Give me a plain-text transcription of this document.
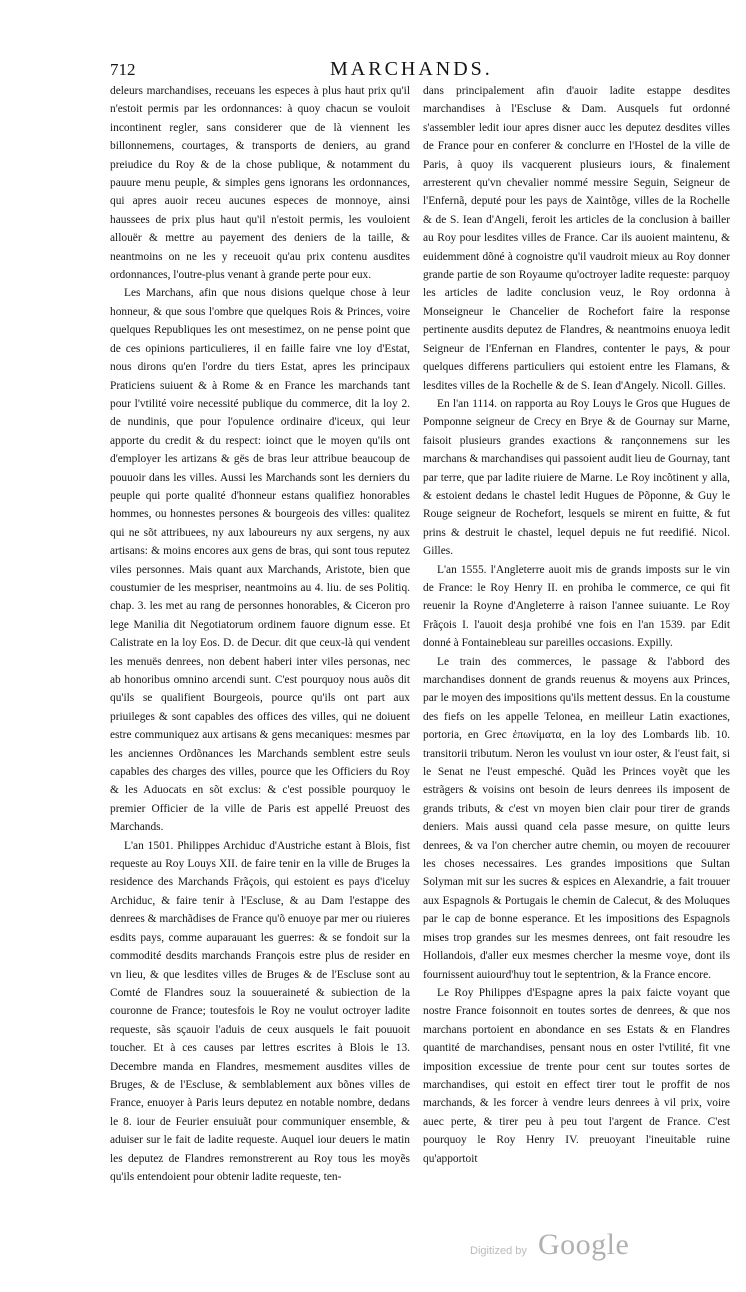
712	MARCHANDS.

deleurs marchandises, receuans les especes à plus haut prix qu'il n'estoit permis par les ordonnances: à quoy chacun se vouloit incontinent regler, sans considerer que de là viennent les billonnemens, courtages, & transports de deniers, au grand preiudice du Roy & de la chose publique, & notamment du pauure menu peuple, & simples gens ignorans les ordonnances, qui apres auoir receu aucunes especes de monnoye, ainsi haussees de prix plus haut qu'il n'estoit permis, les vouloient allouër & mettre au payement des deniers de la taille, & neantmoins on ne les y receuoit qu'au prix contenu ausdites ordonnances, l'outre-plus venant à grande perte pour eux.

Les Marchans, afin que nous disions quelque chose à leur honneur, & que sous l'ombre que quelques Rois & Princes, voire quelques Republiques les ont mesestimez, on ne pense point que de ces opinions particulieres, il en faille faire vne loy d'Estat, nous dirons qu'en l'ordre du tiers Estat, apres les principaux Praticiens suiuent & à Rome & en France les marchands tant pour l'vtilité voire necessité publique du commerce, dit la loy 2. de nundinis, que pour l'opulence ordinaire d'iceux, qui leur apporte du credit & du respect: ioinct que le moyen qu'ils ont d'employer les artizans & gës de bras leur attribue beaucoup de pouuoir dans les villes. Aussi les Marchands sont les derniers du peuple qui porte qualité d'honneur estans qualifiez honorables hommes, ou honnestes persones & bourgeois des villes: qualitez qui ne sõt attribuees, ny aux laboureurs ny aux sergens, ny aux artisans: & moins encores aux gens de bras, qui sont tous reputez viles personnes. Mais quant aux Marchands, Aristote, bien que coustumier de les mespriser, neantmoins au 4. liu. de ses Politiq. chap. 3. les met au rang de personnes honorables, & Ciceron pro lege Manilia dit Negotiatorum ordinem fauore dignum esse. Et Calistrate en la loy Eos. D. de Decur. dit que ceux-là qui vendent les menuës denrees, non debent haberi inter viles personas, nec ab honoribus omnino arcendi sunt. C'est pourquoy nous auõs dit qu'ils se qualifient Bourgeois, pource qu'ils ont part aux priuileges & sont capables des offices des villes, qui ne doiuent estre communiquez aux artisans & gens mecaniques: mesmes par les anciennes Ordõnances les Marchands semblent estre seuls capables des charges des villes, pource que les Officiers du Roy & les Aduocats en sõt exclus: & c'est possible pourquoy le premier Officier de la ville de Paris est appellé Preuost des Marchands.

L'an 1501. Philippes Archiduc d'Austriche estant à Blois, fist requeste au Roy Louys XII. de faire tenir en la ville de Bruges la residence des Marchands Frãçois, qui estoient es pays d'iceluy Archiduc, & faire tenir à l'Escluse, & au Dam l'estappe des denrees & marchãdises de France qu'õ enuoye par mer ou riuieres esdits pays, comme auparauant les guerres: & se fondoit sur la commodité desdits marchands François estre plus de resider en vn lieu, & que lesdites villes de Bruges & de l'Escluse sont au Comté de Flandres souz la souueraineté & subiection de la couronne de France; toutesfois le Roy ne voulut octroyer ladite requeste, sãs sçauoir l'aduis de ceux ausquels le fait pouuoit toucher. Et à ces causes par lettres escrites à Blois le 13. Decembre manda en Flandres, mesmement ausdites villes de Bruges, & de l'Escluse, & semblablement aux bõnes villes de France, enuoyer à Paris leurs deputez en notable nombre, dedans le 8. iour de Feurier ensuiuãt pour communiquer ensemble, & aduiser sur le fait de ladite requeste. Auquel iour deuers le matin les deputez de Flandres remonstrerent au Roy tous les moyẽs qu'ils entendoient pour obtenir ladite requeste, ten-

dans principalement afin d'auoir ladite estappe desdites marchandises à l'Escluse & Dam. Ausquels fut ordonné s'assembler ledit iour apres disner aucc les deputez desdites villes de France pour en conferer & conclurre en l'Hostel de la ville de Paris, à quoy ils vacquerent plusieurs iours, & finalement arresterent qu'vn chevalier nommé messire Seguin, Seigneur de l'Enfernã, deputé pour les pays de Xaintõge, villes de la Rochelle & de S. Iean d'Angeli, feroit les articles de la conclusion à bailler au Roy pour lesdites villes de France. Car ils auoient maintenu, & euidemment dõné à cognoistre qu'il vaudroit mieux au Roy donner grande partie de son Royaume qu'octroyer ladite requeste: parquoy les articles de ladite conclusion veuz, le Roy ordonna à Monseigneur le Chancelier de Rochefort faire la response pertinente ausdits deputez de Flandres, & neantmoins enuoya ledit Seigneur de l'Enfernan en Flandres, contenter le pays, & pour quelques differens particuliers qui estoient entre les Flamans, & lesdites villes de la Rochelle & de S. Iean d'Angely. Nicoll. Gilles.

En l'an 1114. on rapporta au Roy Louys le Gros que Hugues de Pomponne seigneur de Crecy en Brye & de Gournay sur Marne, faisoit plusieurs grandes exactions & rançonnemens sur les marchans & marchandises qui passoient audit lieu de Gournay, tant par terre, que par ladite riuiere de Marne. Le Roy incõtinent y alla, & estoient dedans le chastel ledit Hugues de Põponne, & Guy le Rouge seigneur de Rochefort, lesquels se mirent en fuitte, & fut prins & destruit le chastel, lequel depuis ne fut reedifié. Nicol. Gilles.

L'an 1555. l'Angleterre auoit mis de grands imposts sur le vin de France: le Roy Henry II. en prohiba le commerce, ce qui fit reuenir la Royne d'Angleterre à raison l'annee suiuante. Le Roy Frãçois I. l'auoit desja prohibé vne fois en l'an 1539. par Edit donné à Fontainebleau sur pareilles occasions. Expilly.

Le train des commerces, le passage & l'abbord des marchandises donnent de grands reuenus & moyens aux Princes, par le moyen des impositions qu'ils mettent dessus. En la coustume des fiefs on les appelle Telonea, en meilleur Latin exactiones, portoria, en Grec ἐπωνίματα, en la loy des Lombards lib. 10. transitorii tributum. Neron les voulust vn iour oster, & l'eust fait, si le Senat ne l'eust empesché. Quãd les Princes voyẽt que les estrãgers & voisins ont besoin de leurs denrees ils imposent de grands tributs, & c'est vn moyen bien clair pour tirer de grands deniers. Mais aussi quand cela passe mesure, on quitte leurs denrees, & va l'on chercher autre chemin, ou moyen de recouurer les choses necessaires. Les grandes impositions que Sultan Solyman mit sur les sucres & espices en Alexandrie, a fait trouuer aux Espagnols & Portugais le chemin de Calecut, & des Moluques par le cap de bonne esperance. Et les impositions des Espagnols mises trop grandes sur les mesmes denrees, ont fait resoudre les Hollandois, d'aller eux mesmes chercher la mesme voye, dont ils fournissent auiourd'huy tout le septentrion, & la France encore.

Le Roy Philippes d'Espagne apres la paix faicte voyant que nostre France foisonnoit en toutes sortes de denrees, & que nos marchans portoient en abondance en ses Estats & en Flandres quantité de marchandises, pensant nous en oster l'vtilité, fit vne imposition excessiue de trente pour cent sur toutes sortes de marchandises, qui estoit en effect tirer tout le proffit de nos marchands, & les forcer à vendre leurs denrees à vil prix, voire auec perte, & tirer peu à peu tout l'argent de France. C'est pourquoy le Roy Henry IV. preuoyant l'ineuitable ruine qu'apportoit

Digitized by Google
